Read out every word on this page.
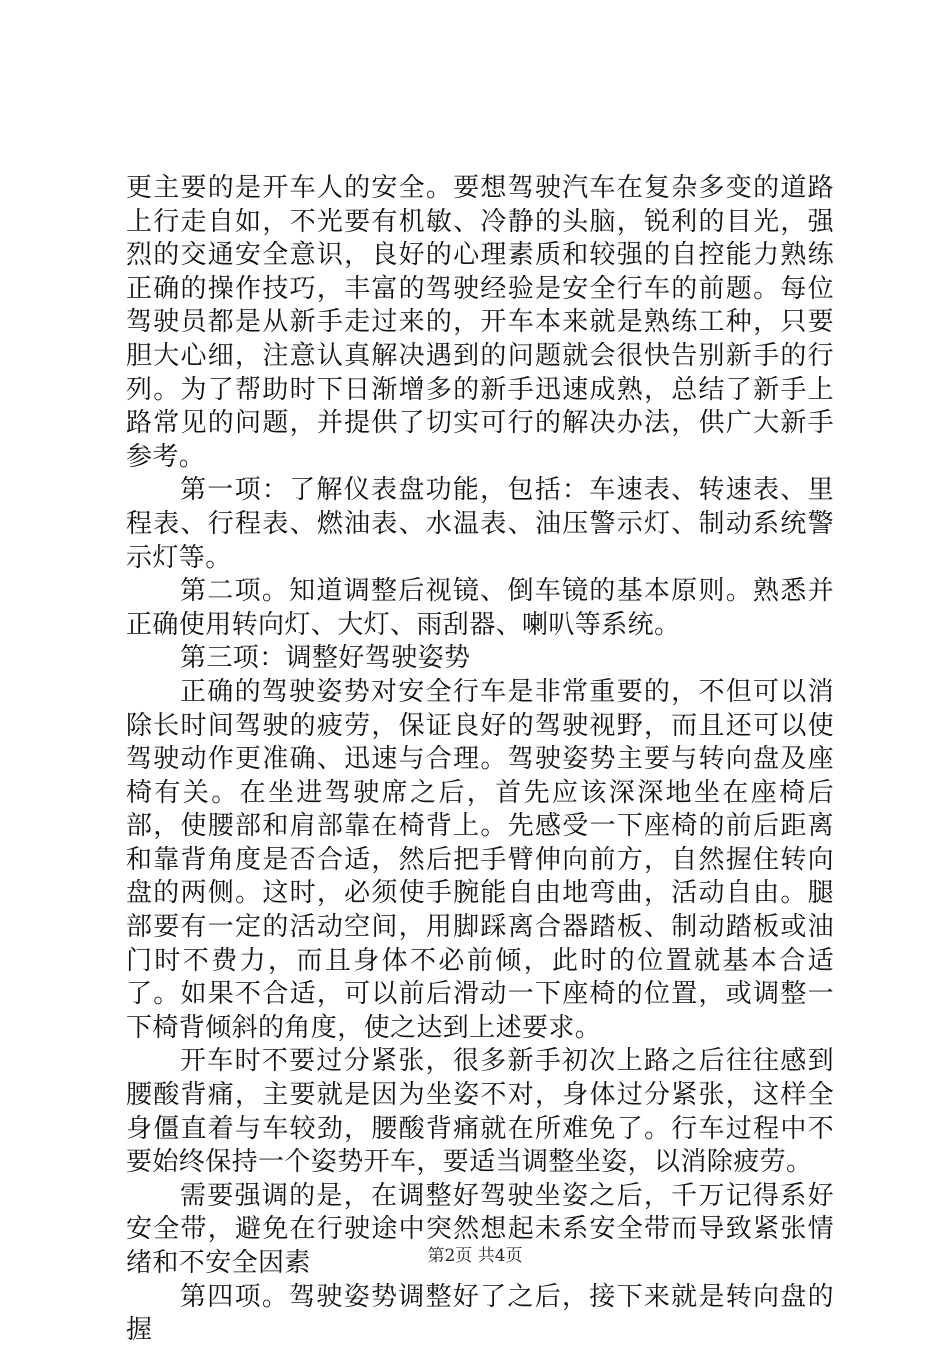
更主要的是开车人的安全。要想驾驶汽车在复杂多变的道路上行走自如，不光要有机敏、冷静的头脑，锐利的目光，强烈的交通安全意识，良好的心理素质和较强的自控能力熟练正确的操作技巧，丰富的驾驶经验是安全行车的前题。每位驾驶员都是从新手走过来的，开车本来就是熟练工种，只要胆大心细，注意认真解决遇到的问题就会很快告别新手的行列。为了帮助时下日渐增多的新手迅速成熟，总结了新手上路常见的问题，并提供了切实可行的解决办法，供广大新手参考。

第一项：了解仪表盘功能，包括：车速表、转速表、里程表、行程表、燃油表、水温表、油压警示灯、制动系统警示灯等。

第二项。知道调整后视镜、倒车镜的基本原则。熟悉并正确使用转向灯、大灯、雨刮器、喇叭等系统。

第三项：调整好驾驶姿势

正确的驾驶姿势对安全行车是非常重要的，不但可以消除长时间驾驶的疲劳，保证良好的驾驶视野，而且还可以使驾驶动作更准确、迅速与合理。驾驶姿势主要与转向盘及座椅有关。在坐进驾驶席之后，首先应该深深地坐在座椅后部，使腰部和肩部靠在椅背上。先感受一下座椅的前后距离和靠背角度是否合适，然后把手臂伸向前方，自然握住转向盘的两侧。这时，必须使手腕能自由地弯曲，活动自由。腿部要有一定的活动空间，用脚踩离合器踏板、制动踏板或油门时不费力，而且身体不必前倾，此时的位置就基本合适了。如果不合适，可以前后滑动一下座椅的位置，或调整一下椅背倾斜的角度，使之达到上述要求。

开车时不要过分紧张，很多新手初次上路之后往往感到腰酸背痛，主要就是因为坐姿不对，身体过分紧张，这样全身僵直着与车较劲，腰酸背痛就在所难免了。行车过程中不要始终保持一个姿势开车，要适当调整坐姿，以消除疲劳。

需要强调的是，在调整好驾驶坐姿之后，千万记得系好安全带，避免在行驶途中突然想起未系安全带而导致紧张情绪和不安全因素

第四项。驾驶姿势调整好了之后，接下来就是转向盘的握

第2页 共4页
